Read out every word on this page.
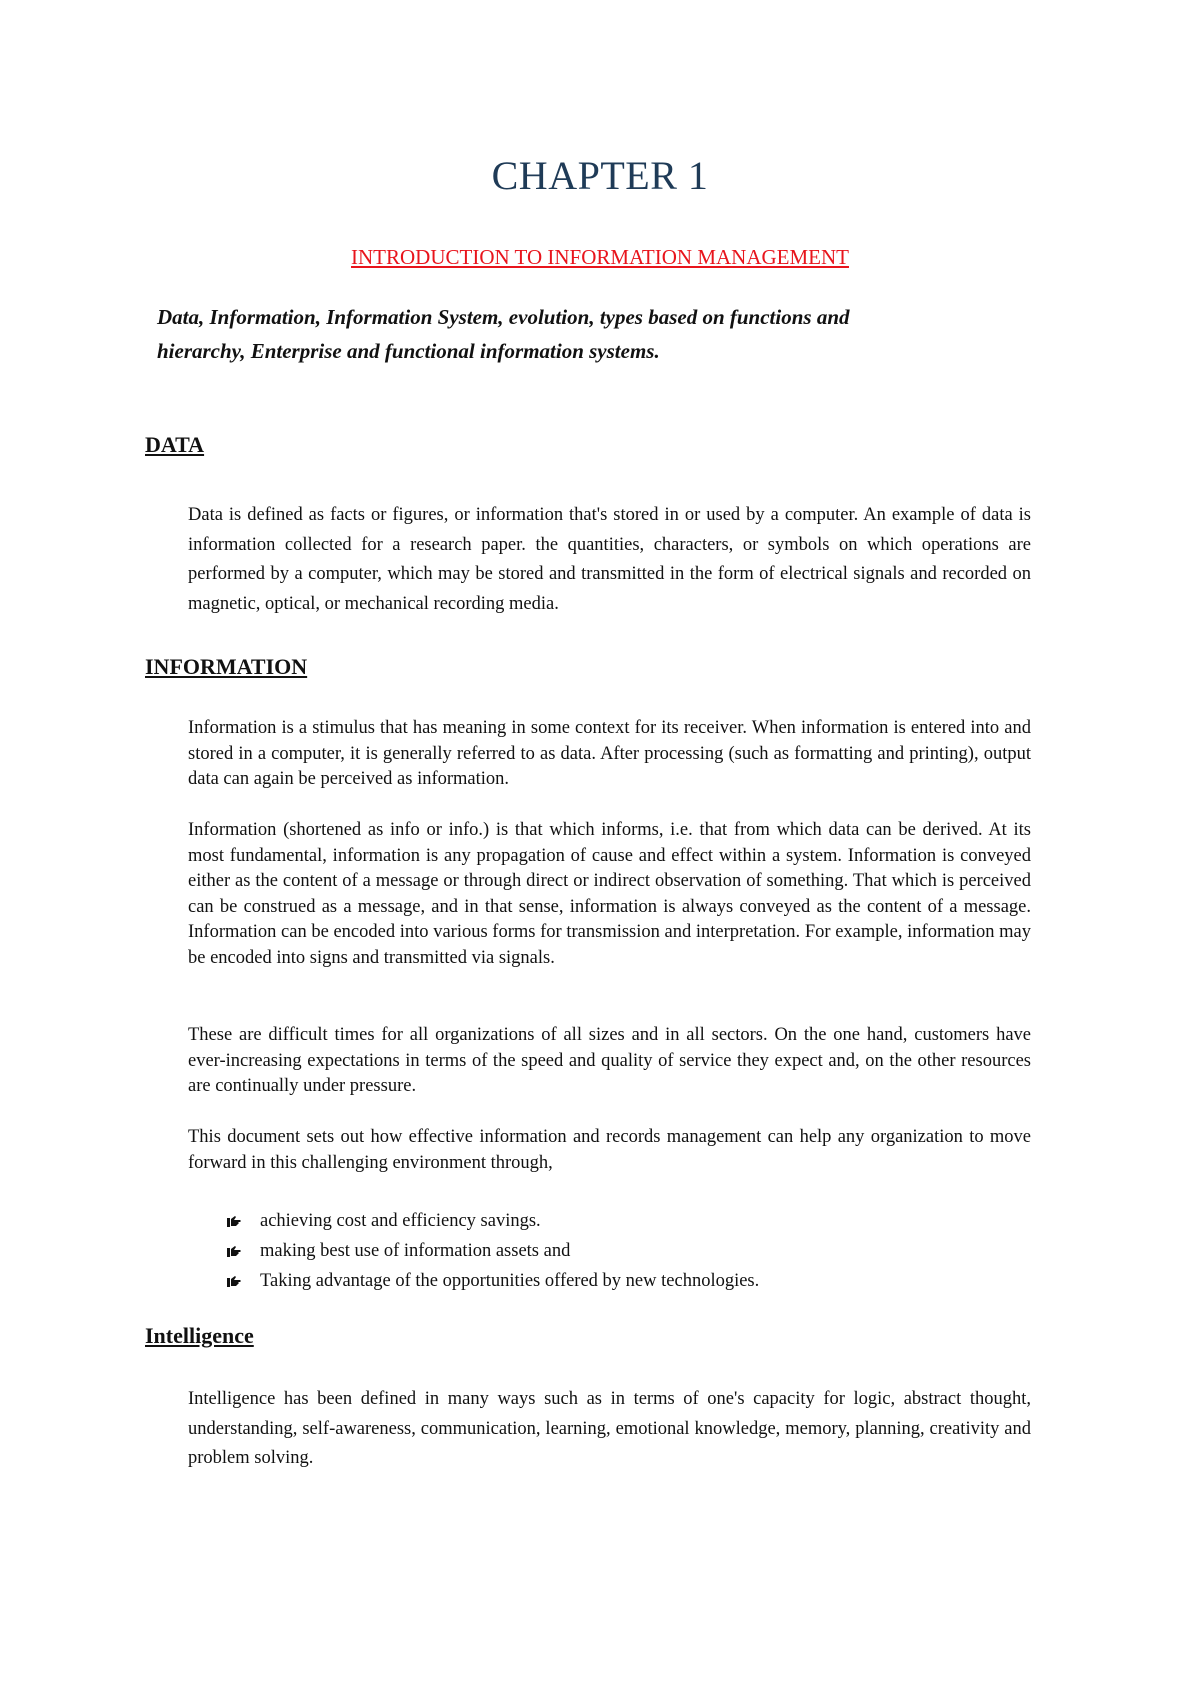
CHAPTER 1
INTRODUCTION TO INFORMATION MANAGEMENT
Data, Information, Information System, evolution, types based on functions and
hierarchy, Enterprise and functional information systems.
DATA
Data is defined as facts or figures, or information that's stored in or used by a computer. An example of data is information collected for a research paper. the quantities, characters, or symbols on which operations are performed by a computer, which may be stored and transmitted in the form of electrical signals and recorded on magnetic, optical, or mechanical recording media.
INFORMATION
Information is a stimulus that has meaning in some context for its receiver. When information is entered into and stored in a computer, it is generally referred to as data. After processing (such as formatting and printing), output data can again be perceived as information.
Information (shortened as info or info.) is that which informs, i.e. that from which data can be derived. At its most fundamental, information is any propagation of cause and effect within a system. Information is conveyed either as the content of a message or through direct or indirect observation of something. That which is perceived can be construed as a message, and in that sense, information is always conveyed as the content of a message. Information can be encoded into various forms for transmission and interpretation. For example, information may be encoded into signs and transmitted via signals.
These are difficult times for all organizations of all sizes and in all sectors. On the one hand, customers have ever-increasing expectations in terms of the speed and quality of service they expect and, on the other resources are continually under pressure.
This document sets out how effective information and records management can help any organization to move forward in this challenging environment through,
achieving cost and efficiency savings.
making best use of information assets and
Taking advantage of the opportunities offered by new technologies.
Intelligence
Intelligence has been defined in many ways such as in terms of one's capacity for logic, abstract thought, understanding, self-awareness, communication, learning, emotional knowledge, memory, planning, creativity and problem solving.
